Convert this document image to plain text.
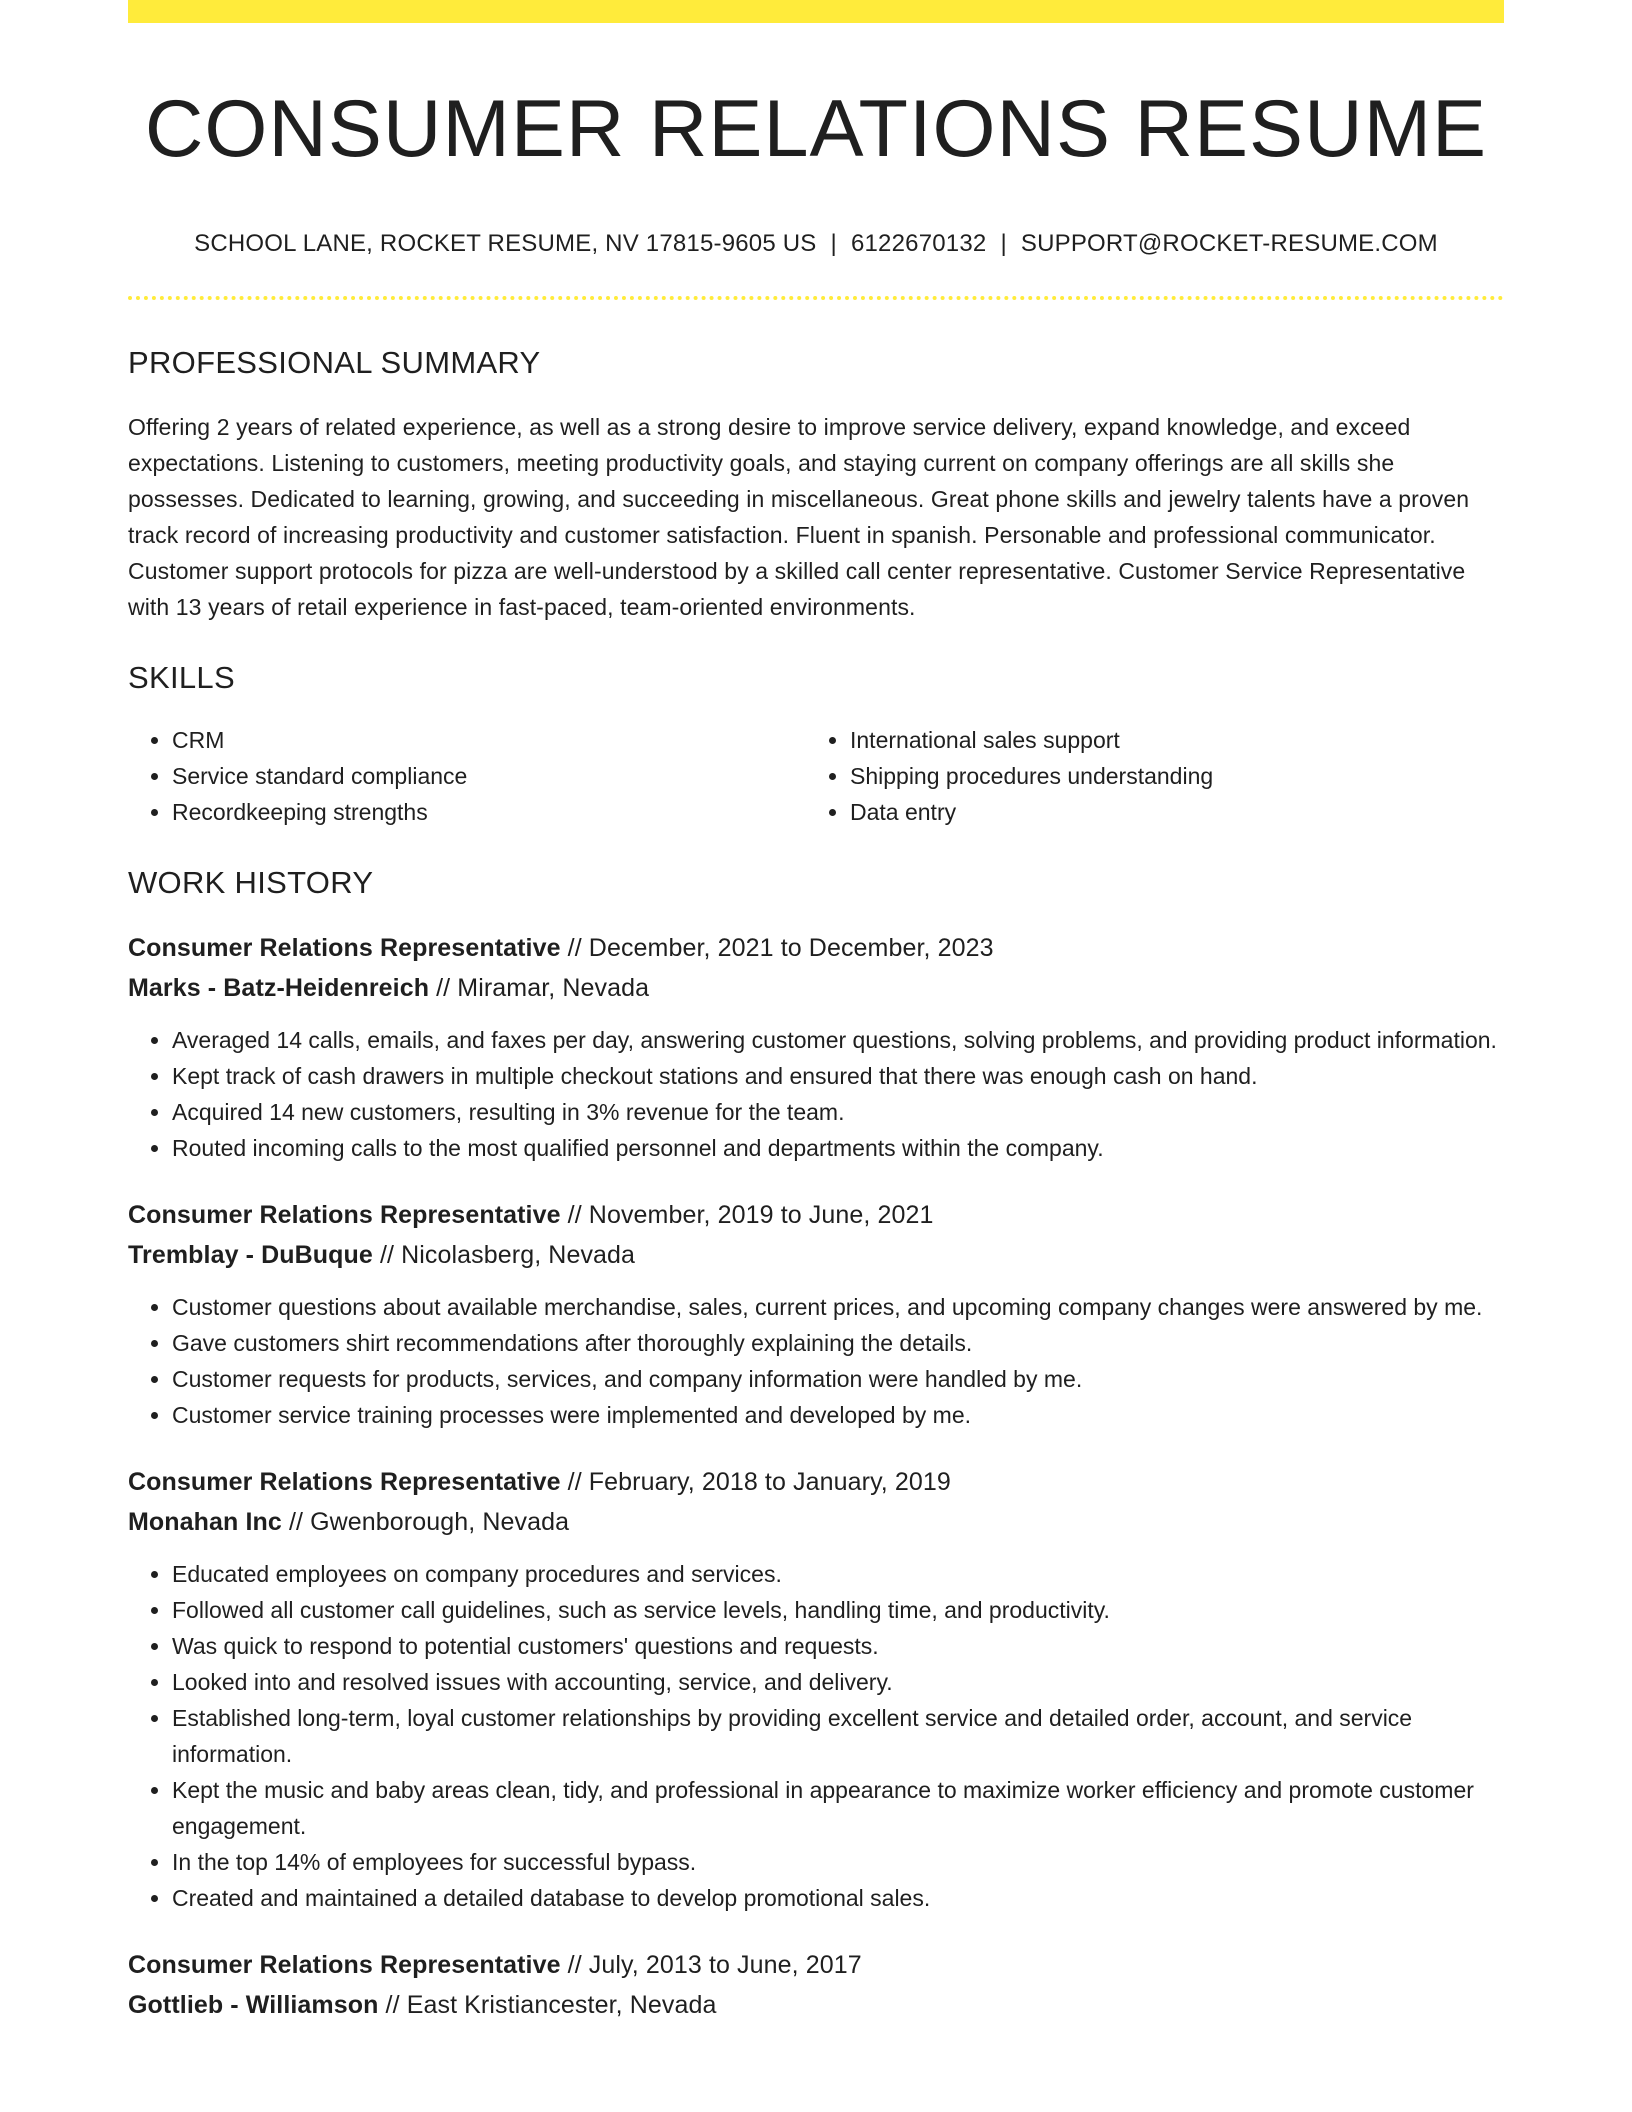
CONSUMER RELATIONS RESUME
SCHOOL LANE, ROCKET RESUME, NV 17815-9605 US | 6122670132 | SUPPORT@ROCKET-RESUME.COM
PROFESSIONAL SUMMARY

Offering 2 years of related experience, as well as a strong desire to improve service delivery, expand knowledge, and exceed expectations. Listening to customers, meeting productivity goals, and staying current on company offerings are all skills she possesses. Dedicated to learning, growing, and succeeding in miscellaneous. Great phone skills and jewelry talents have a proven track record of increasing productivity and customer satisfaction. Fluent in spanish. Personable and professional communicator. Customer support protocols for pizza are well-understood by a skilled call center representative. Customer Service Representative with 13 years of retail experience in fast-paced, team-oriented environments.

SKILLS
• CRM
• Service standard compliance
• Recordkeeping strengths
• International sales support
• Shipping procedures understanding
• Data entry
WORK HISTORY
Consumer Relations Representative // December, 2021 to December, 2023
Marks - Batz-Heidenreich // Miramar, Nevada
• Averaged 14 calls, emails, and faxes per day, answering customer questions, solving problems, and providing product information.
• Kept track of cash drawers in multiple checkout stations and ensured that there was enough cash on hand.
• Acquired 14 new customers, resulting in 3% revenue for the team.
• Routed incoming calls to the most qualified personnel and departments within the company.
Consumer Relations Representative // November, 2019 to June, 2021
Tremblay - DuBuque // Nicolasberg, Nevada
• Customer questions about available merchandise, sales, current prices, and upcoming company changes were answered by me.
• Gave customers shirt recommendations after thoroughly explaining the details.
• Customer requests for products, services, and company information were handled by me.
• Customer service training processes were implemented and developed by me.
Consumer Relations Representative // February, 2018 to January, 2019
Monahan Inc // Gwenborough, Nevada
• Educated employees on company procedures and services.
• Followed all customer call guidelines, such as service levels, handling time, and productivity.
• Was quick to respond to potential customers' questions and requests.
• Looked into and resolved issues with accounting, service, and delivery.
• Established long-term, loyal customer relationships by providing excellent service and detailed order, account, and service information.
• Kept the music and baby areas clean, tidy, and professional in appearance to maximize worker efficiency and promote customer engagement.
• In the top 14% of employees for successful bypass.
• Created and maintained a detailed database to develop promotional sales.
Consumer Relations Representative // July, 2013 to June, 2017
Gottlieb - Williamson // East Kristiancester, Nevada
